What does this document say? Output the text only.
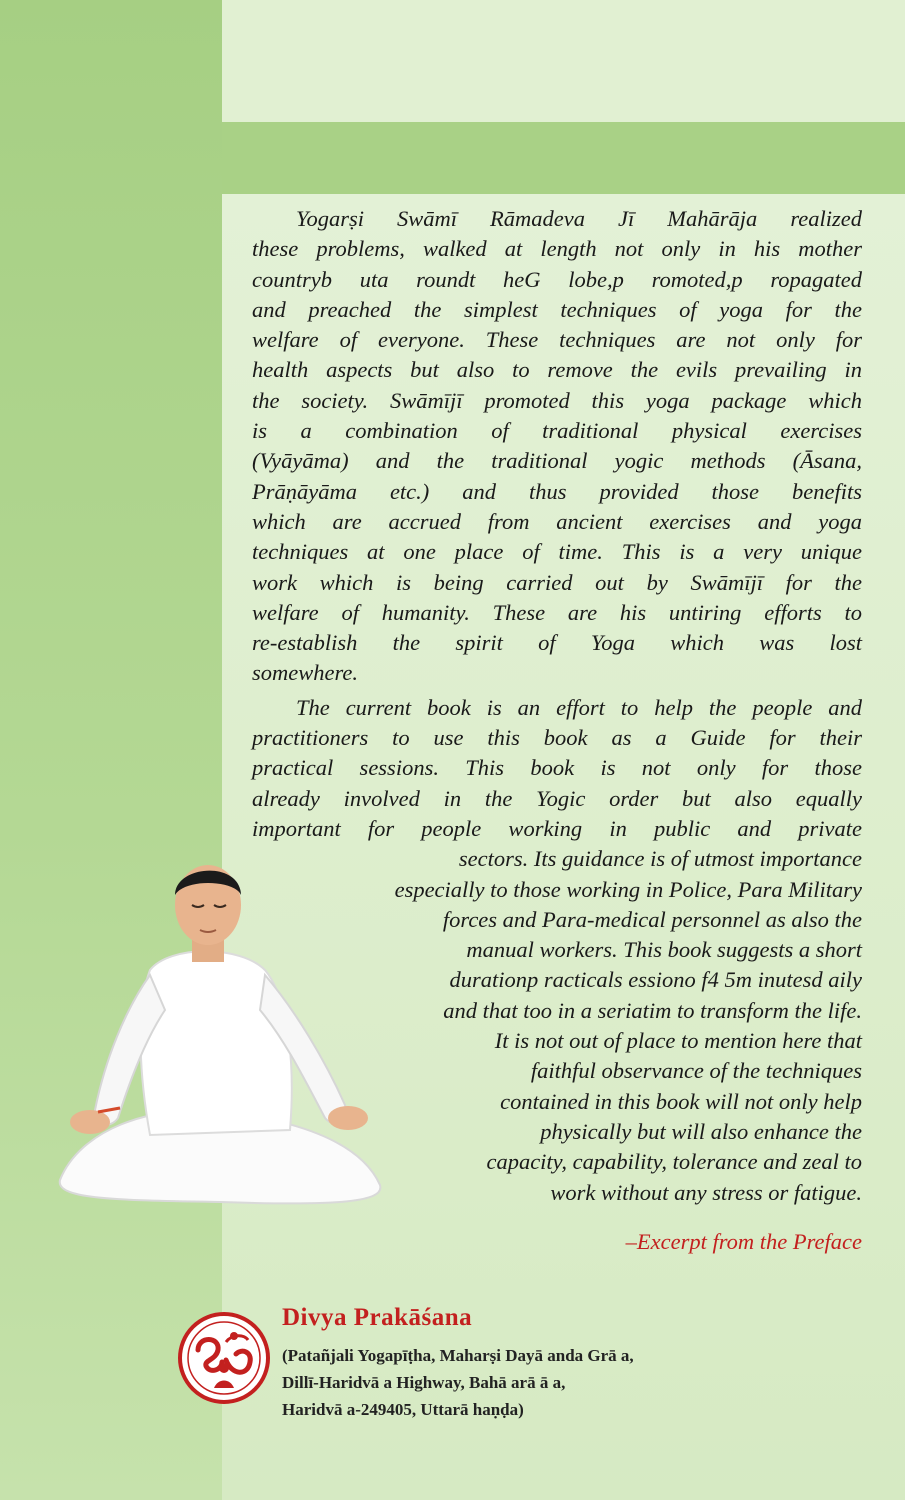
Yogarṣi Swāmī Rāmadeva Jī Mahārāja realized
these problems, walked at length not only in his mother
countryb uta roundt heG lobe,p romoted,p ropagated
and preached the simplest techniques of yoga for the
welfare of everyone. These techniques are not only for
health aspects but also to remove the evils prevailing in
the society. Swāmījī promoted this yoga package which
is a combination of traditional physical exercises
(Vyāyāma) and the traditional yogic methods (Āsana,
Prāṇāyāma etc.) and thus provided those benefits
which are accrued from ancient exercises and yoga
techniques at one place of time. This is a very unique
work which is being carried out by Swāmījī for the
welfare of humanity. These are his untiring efforts to
re-establish the spirit of Yoga which was lost
somewhere.
The current book is an effort to help the people and
practitioners to use this book as a Guide for their
practical sessions. This book is not only for those
already involved in the Yogic order but also equally
important for people working in public and private
sectors. Its guidance is of utmost importance
especially to those working in Police, Para Military
forces and Para-medical personnel as also the
manual workers. This book suggests a short
durationp racticals essiono f4 5m inutesd aily
and that too in a seriatim to transform the life.
It is not out of place to mention here that
faithful observance of the techniques
contained in this book will not only help
physically but will also enhance the
capacity, capability, tolerance and zeal to
work without any stress or fatigue.
–Excerpt from the Preface
Divya Prakāśana
(Patañjali Yogapīṭha, Maharṣi Dayā anda Grā a,
Dillī-Haridvā a Highway, Bahā arā ā a,
Haridvā a-249405, Uttarā haṇḍa)
